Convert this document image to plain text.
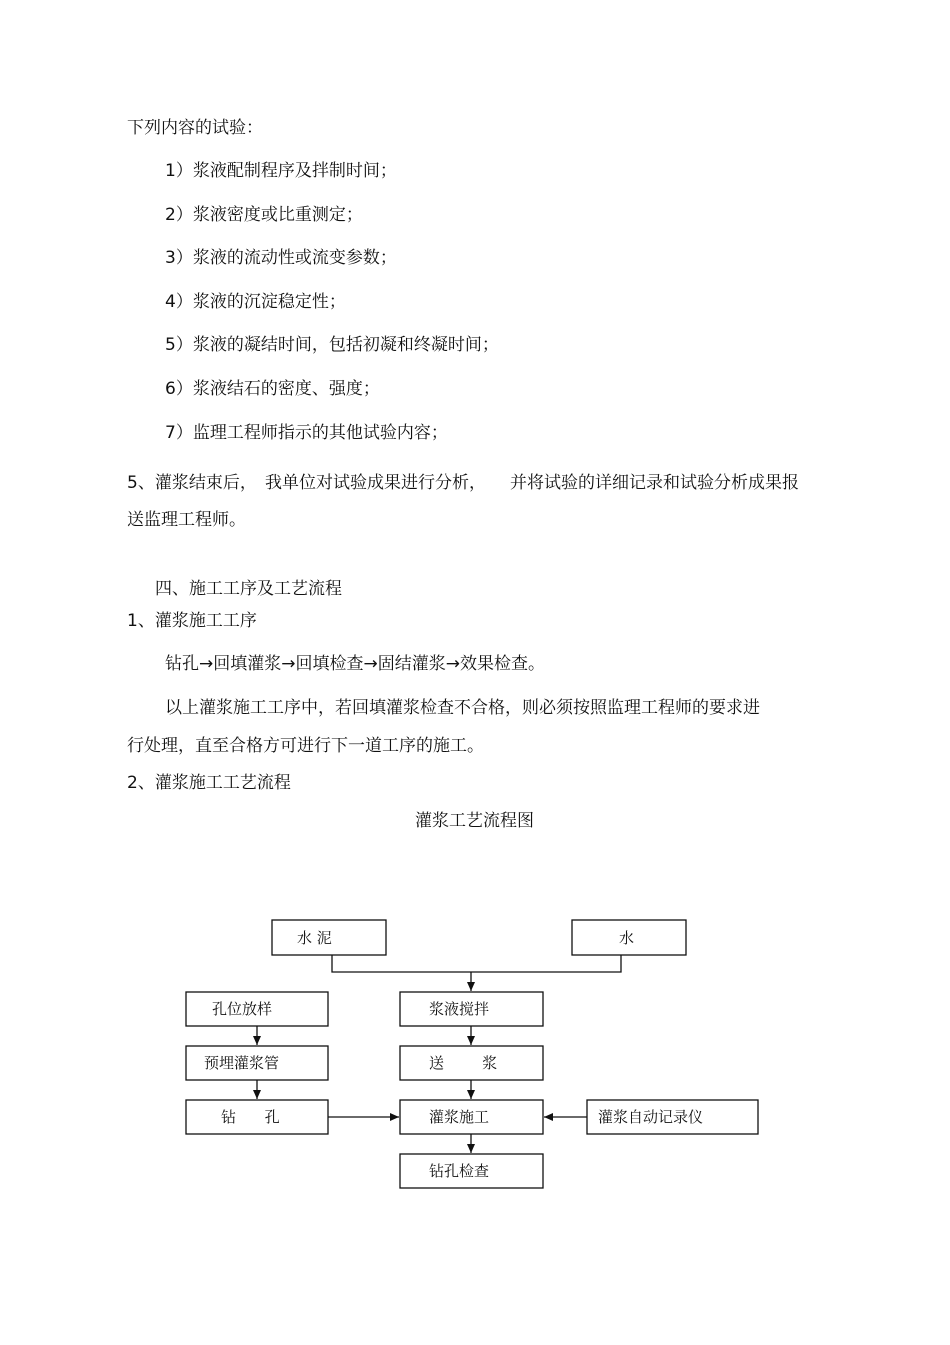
下列内容的试验：
1）浆液配制程序及拌制时间；
2）浆液密度或比重测定；
3）浆液的流动性或流变参数；
4）浆液的沉淀稳定性；
5）浆液的凝结时间，包括初凝和终凝时间；
6）浆液结石的密度、强度；
7）监理工程师指示的其他试验内容；
5、灌浆结束后， 我单位对试验成果进行分析， 并将试验的详细记录和试验分析成果报
送监理工程师。
四、施工工序及工艺流程
1、灌浆施工工序
钻孔→回填灌浆→回填检查→固结灌浆→效果检查。
以上灌浆施工工序中，若回填灌浆检查不合格，则必须按照监理工程师的要求进
行处理，直至合格方可进行下一道工序的施工。
2、灌浆施工工艺流程
灌浆工艺流程图
水 泥	水
孔位放样
预埋灌浆管
钻      孔
浆液搅拌
送        浆
灌浆施工	灌浆自动记录仪
钻孔检查
